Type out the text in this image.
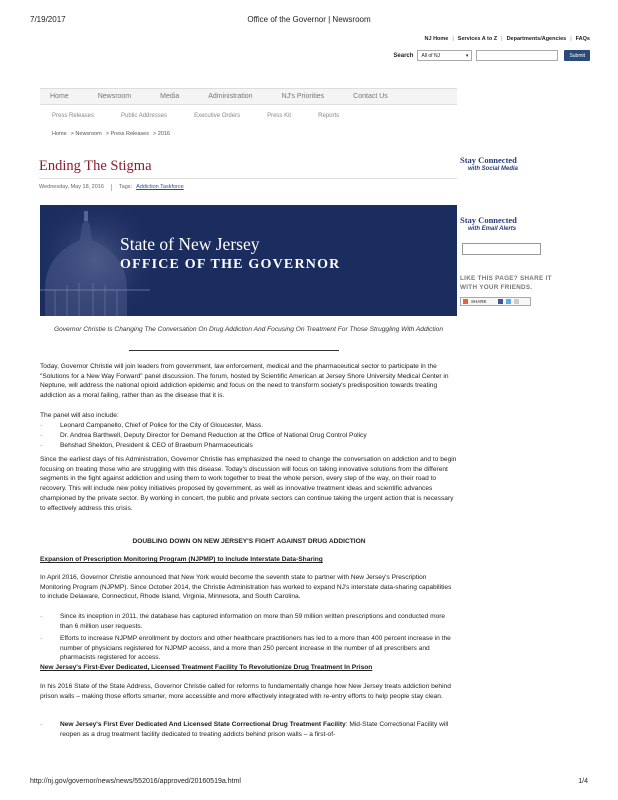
7/19/2017	Office of the Governor | Newsroom
NJ Home | Services A to Z | Departments/Agencies | FAQs
Search All of NJ	▾	Submit
Home	Newsroom	Media	Administration	NJ's Priorities	Contact Us
Press Releases	Public Addresses	Executive Orders	Press Kit	Reports
Home > Newsroom > Press Releases > 2016
Ending The Stigma
Wednesday, May 18, 2016	Tags: Addiction Taskforce
State of New Jersey
OFFICE OF THE GOVERNOR
Governor Christie Is Changing The Conversation On Drug Addiction And Focusing On Treatment For Those Struggling With Addiction
Today, Governor Christie will join leaders from government, law enforcement, medical and the pharmaceutical sector to participate in the "Solutions for a New Way Forward" panel discussion. The forum, hosted by Scientific American at Jersey Shore University Medical Center in Neptune, will address the national opioid addiction epidemic and focus on the need to transform society's predisposition towards treating addiction as a moral failing, rather than as the disease that it is.
The panel will also include:
·	Leonard Campanello, Chief of Police for the City of Gloucester, Mass.
·	Dr. Andrea Barthwell, Deputy Director for Demand Reduction at the Office of National Drug Control Policy
·	Behshad Sheldon, President & CEO of Braeburn Pharmaceuticals
Since the earliest days of his Administration, Governor Christie has emphasized the need to change the conversation on addiction and to begin focusing on treating those who are struggling with this disease. Today's discussion will focus on taking innovative solutions from the different segments in the fight against addiction and using them to work together to treat the whole person, every step of the way, on their road to recovery. This will include new policy initiatives proposed by government, as well as innovative treatment ideas and scientific advances championed by the private sector. By working in concert, the public and private sectors can continue taking the urgent action that is necessary to effectively address this crisis.
DOUBLING DOWN ON NEW JERSEY'S FIGHT AGAINST DRUG ADDICTION
Expansion of Prescription Monitoring Program (NJPMP) to Include Interstate Data-Sharing
In April 2016, Governor Christie announced that New York would become the seventh state to partner with New Jersey's Prescription Monitoring Program (NJPMP). Since October 2014, the Christie Administration has worked to expand NJ's interstate data-sharing capabilities to include Delaware, Connecticut, Rhode Island, Virginia, Minnesota, and South Carolina.
·	Since its inception in 2011, the database has captured information on more than 59 million written prescriptions and conducted more than 6 million user requests.
·	Efforts to increase NJPMP enrollment by doctors and other healthcare practitioners has led to a more than 400 percent increase in the number of physicians registered for NJPMP access, and a more than 250 percent increase in the number of all prescribers and pharmacists registered for access.
New Jersey's First-Ever Dedicated, Licensed Treatment Facility To Revolutionize Drug Treatment In Prison
In his 2016 State of the State Address, Governor Christie called for reforms to fundamentally change how New Jersey treats addiction behind prison walls – making those efforts smarter, more accessible and more effectively integrated with re-entry efforts to help people stay clean.
·	New Jersey's First Ever Dedicated And Licensed State Correctional Drug Treatment Facility: Mid-State Correctional Facility will reopen as a drug treatment facility dedicated to treating addicts behind prison walls – a first-of-
Stay Connected
with Social Media
Stay Connected
with Email Alerts
LIKE THIS PAGE? SHARE IT
WITH YOUR FRIENDS.
SHARE
http://nj.gov/governor/news/news/552016/approved/20160519a.html	1/4
